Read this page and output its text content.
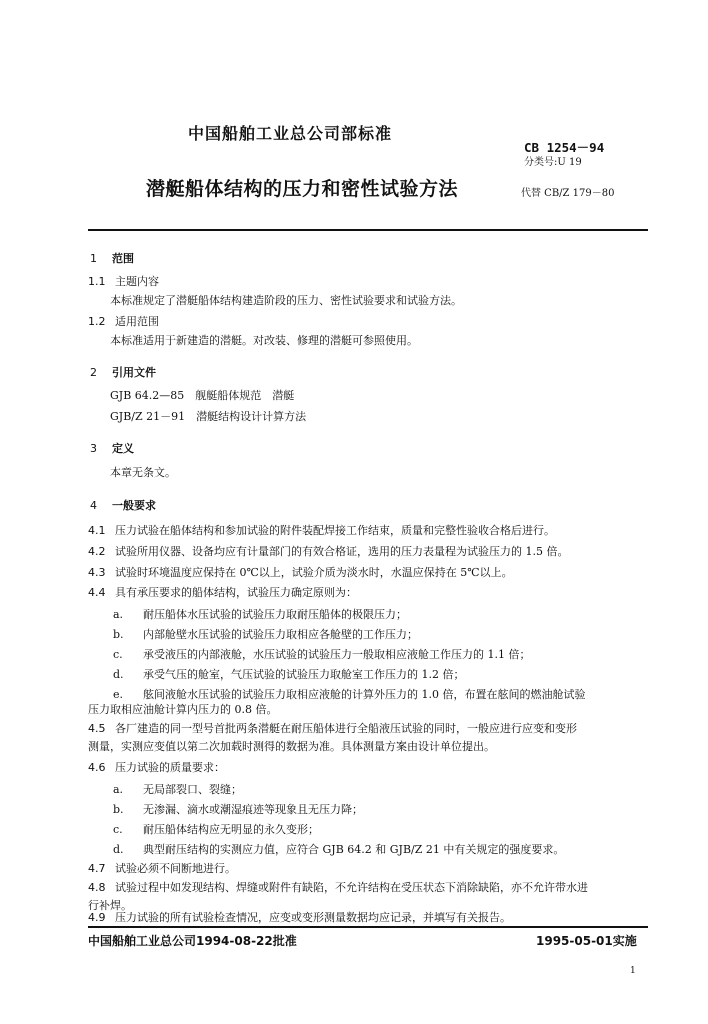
中国船舶工业总公司部标准
CB 1254－94
分类号:U 19
潜艇船体结构的压力和密性试验方法	代替 CB/Z 179－80
1 范围
1.1 主题内容
本标准规定了潜艇船体结构建造阶段的压力、密性试验要求和试验方法。
1.2 适用范围
本标准适用于新建造的潜艇。对改装、修理的潜艇可参照使用。
2 引用文件
GJB 64.2—85　舰艇船体规范　潜艇
GJB/Z 21－91　潜艇结构设计计算方法
3 定义
本章无条文。
4 一般要求
4.1 压力试验在船体结构和参加试验的附件装配焊接工作结束，质量和完整性验收合格后进行。
4.2 试验所用仪器、设备均应有计量部门的有效合格证，选用的压力表量程为试验压力的 1.5 倍。
4.3 试验时环境温度应保持在 0℃以上，试验介质为淡水时，水温应保持在 5℃以上。
4.4 具有承压要求的船体结构，试验压力确定原则为：
a. 耐压船体水压试验的试验压力取耐压船体的极限压力；
b. 内部舱壁水压试验的试验压力取相应各舱壁的工作压力；
c. 承受液压的内部液舱，水压试验的试验压力一般取相应液舱工作压力的 1.1 倍；
d. 承受气压的舱室，气压试验的试验压力取舱室工作压力的 1.2 倍；
e. 舷间液舱水压试验的试验压力取相应液舱的计算外压力的 1.0 倍，布置在舷间的燃油舱试验
压力取相应油舱计算内压力的 0.8 倍。
4.5 各厂建造的同一型号首批两条潜艇在耐压船体进行全船液压试验的同时，一般应进行应变和变形
测量，实测应变值以第二次加载时测得的数据为准。具体测量方案由设计单位提出。
4.6 压力试验的质量要求：
a. 无局部裂口、裂缝；
b. 无渗漏、滴水或潮湿痕迹等现象且无压力降；
c. 耐压船体结构应无明显的永久变形；
d. 典型耐压结构的实测应力值，应符合 GJB 64.2 和 GJB/Z 21 中有关规定的强度要求。
4.7 试验必须不间断地进行。
4.8 试验过程中如发现结构、焊缝或附件有缺陷，不允许结构在受压状态下消除缺陷，亦不允许带水进
行补焊。
4.9 压力试验的所有试验检查情况，应变或变形测量数据均应记录，并填写有关报告。
中国船舶工业总公司1994-08-22批准	1995-05-01实施
1
